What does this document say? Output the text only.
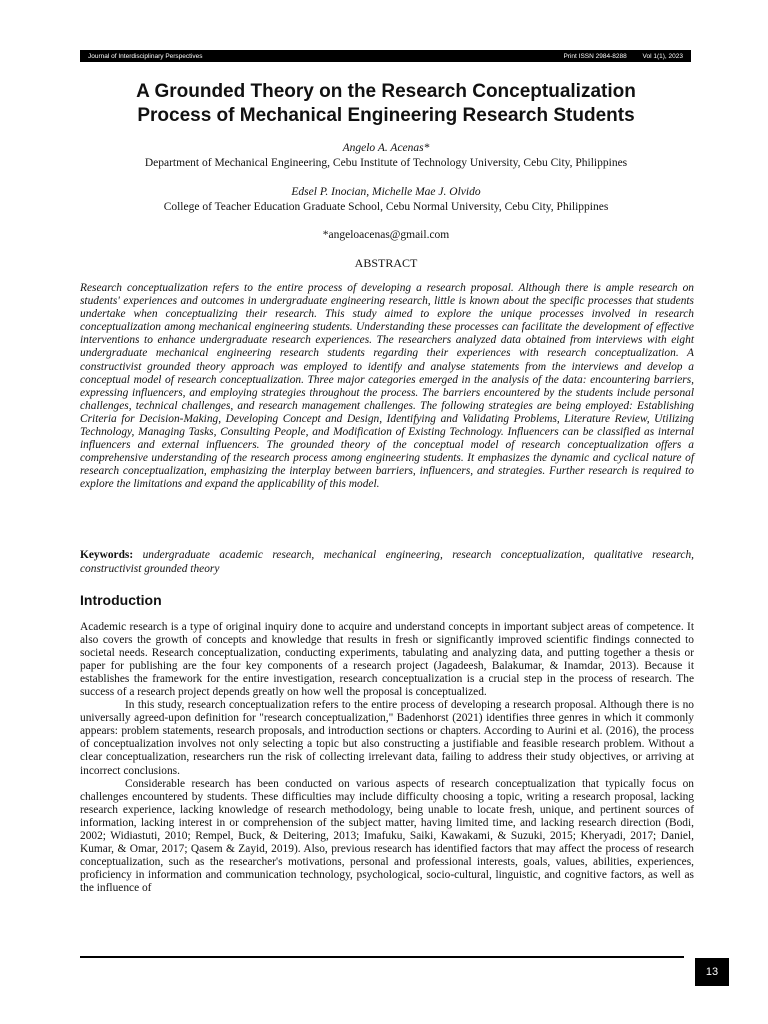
Journal of Interdisciplinary Perspectives	Print ISSN 2984-8288 Vol 1(1), 2023
A Grounded Theory on the Research Conceptualization
Process of Mechanical Engineering Research Students
Angelo A. Acenas*
Department of Mechanical Engineering, Cebu Institute of Technology University, Cebu City, Philippines
Edsel P. Inocian, Michelle Mae J. Olvido
College of Teacher Education Graduate School, Cebu Normal University, Cebu City, Philippines
*angeloacenas@gmail.com
ABSTRACT

Research conceptualization refers to the entire process of developing a research proposal. Although there is ample research on students' experiences and outcomes in undergraduate engineering research, little is known about the specific processes that students undertake when conceptualizing their research. This study aimed to explore the unique processes involved in research conceptualization among mechanical engineering students. Understanding these processes can facilitate the development of effective interventions to enhance undergraduate research experiences. The researchers analyzed data obtained from interviews with eight undergraduate mechanical engineering research students regarding their experiences with research conceptualization. A constructivist grounded theory approach was employed to identify and analyse statements from the interviews and develop a conceptual model of research conceptualization. Three major categories emerged in the analysis of the data: encountering barriers, expressing influencers, and employing strategies throughout the process. The barriers encountered by the students include personal challenges, technical challenges, and research management challenges. The following strategies are being employed: Establishing Criteria for Decision-Making, Developing Concept and Design, Identifying and Validating Problems, Literature Review, Utilizing Technology, Managing Tasks, Consulting People, and Modification of Existing Technology. Influencers can be classified as internal influencers and external influencers. The grounded theory of the conceptual model of research conceptualization offers a comprehensive understanding of the research process among engineering students. It emphasizes the dynamic and cyclical nature of research conceptualization, emphasizing the interplay between barriers, influencers, and strategies. Further research is required to explore the limitations and expand the applicability of this model.

Keywords: undergraduate academic research, mechanical engineering, research conceptualization, qualitative research, constructivist grounded theory

Introduction

Academic research is a type of original inquiry done to acquire and understand concepts in important subject areas of competence. It also covers the growth of concepts and knowledge that results in fresh or significantly improved scientific findings connected to societal needs. Research conceptualization, conducting experiments, tabulating and analyzing data, and putting together a thesis or paper for publishing are the four key components of a research project (Jagadeesh, Balakumar, & Inamdar, 2013). Because it establishes the framework for the entire investigation, research conceptualization is a crucial step in the process of research. The success of a research project depends greatly on how well the proposal is conceptualized.

In this study, research conceptualization refers to the entire process of developing a research proposal. Although there is no universally agreed-upon definition for "research conceptualization," Badenhorst (2021) identifies three genres in which it commonly appears: problem statements, research proposals, and introduction sections or chapters. According to Aurini et al. (2016), the process of conceptualization involves not only selecting a topic but also constructing a justifiable and feasible research problem. Without a clear conceptualization, researchers run the risk of collecting irrelevant data, failing to address their study objectives, or arriving at incorrect conclusions.

Considerable research has been conducted on various aspects of research conceptualization that typically focus on challenges encountered by students. These difficulties may include difficulty choosing a topic, writing a research proposal, lacking research experience, lacking knowledge of research methodology, being unable to locate fresh, unique, and pertinent sources of information, lacking interest in or comprehension of the subject matter, having limited time, and lacking research direction (Bodi, 2002; Widiastuti, 2010; Rempel, Buck, & Deitering, 2013; Imafuku, Saiki, Kawakami, & Suzuki, 2015; Kheryadi, 2017; Daniel, Kumar, & Omar, 2017; Qasem & Zayid, 2019). Also, previous research has identified factors that may affect the process of research conceptualization, such as the researcher's motivations, personal and professional interests, goals, values, abilities, experiences, proficiency in information and communication technology, psychological, socio-cultural, linguistic, and cognitive factors, as well as the influence of

13
